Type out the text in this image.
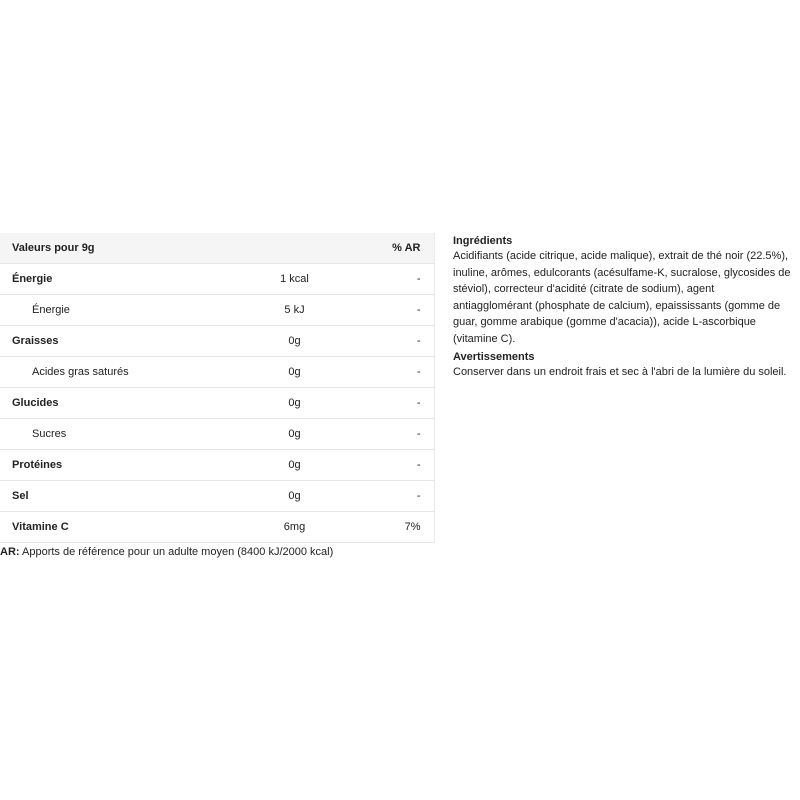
Valeurs pour 9g		% AR
Énergie	1 kcal	-
Énergie	5 kJ	-
Graisses	0g	-
Acides gras saturés	0g	-
Glucides	0g	-
Sucres	0g	-
Protéines	0g	-
Sel	0g	-
Vitamine C	6mg	7%
AR: Apports de référence pour un adulte moyen (8400 kJ/2000 kcal)
Ingrédients

Acidifiants (acide citrique, acide malique), extrait de thé noir (22.5%), inuline, arômes, edulcorants (acésulfame-K, sucralose, glycosides de stéviol), correcteur d'acidité (citrate de sodium), agent antiagglomérant (phosphate de calcium), epaississants (gomme de guar, gomme arabique (gomme d'acacia)), acide L-ascorbique (vitamine C).

Avertissements

Conserver dans un endroit frais et sec à l'abri de la lumière du soleil.
